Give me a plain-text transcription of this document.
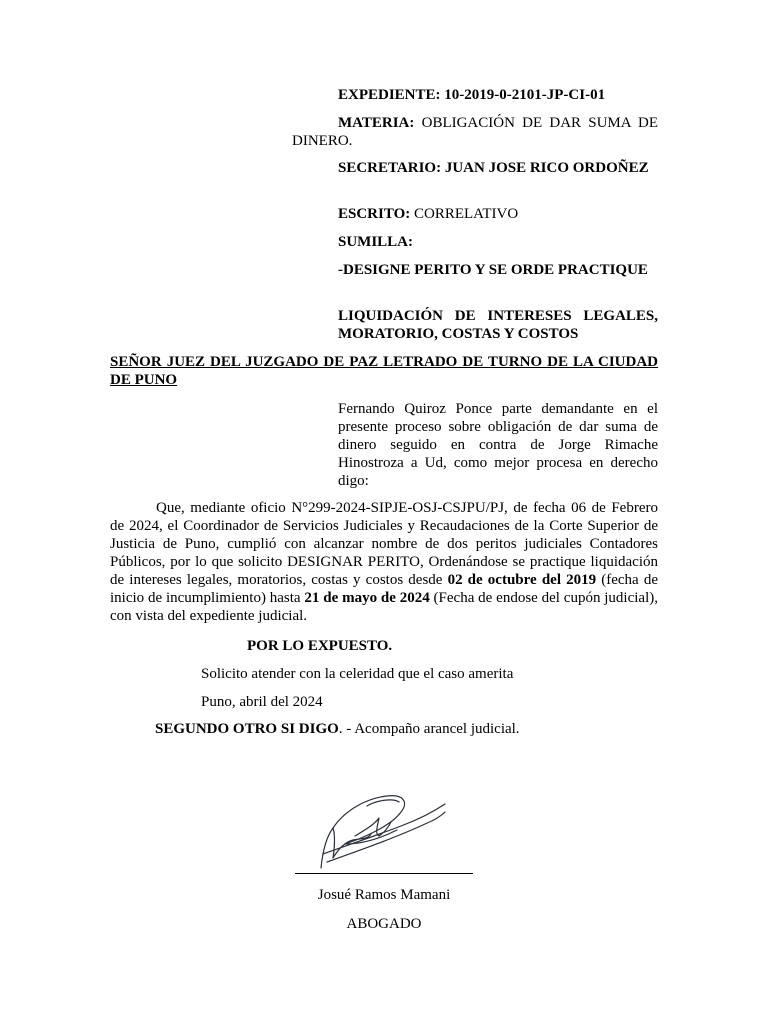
EXPEDIENTE: 10-2019-0-2101-JP-CI-01

MATERIA: OBLIGACIÓN DE DAR SUMA DE DINERO.

SECRETARIO: JUAN JOSE RICO ORDOÑEZ

ESCRITO: CORRELATIVO

SUMILLA:

-DESIGNE PERITO Y SE ORDE PRACTIQUE

LIQUIDACIÓN DE INTERESES LEGALES, MORATORIO, COSTAS Y COSTOS

SEÑOR JUEZ DEL JUZGADO DE PAZ LETRADO DE TURNO DE LA CIUDAD DE PUNO
Fernando Quiroz Ponce parte demandante en el presente proceso sobre obligación de dar suma de dinero seguido en contra de Jorge Rimache Hinostroza a Ud, como mejor procesa en derecho digo:
Que, mediante oficio N°299-2024-SIPJE-OSJ-CSJPU/PJ, de fecha 06 de Febrero de 2024, el Coordinador de Servicios Judiciales y Recaudaciones de la Corte Superior de Justicia de Puno, cumplió con alcanzar nombre de dos peritos judiciales Contadores Públicos, por lo que solicito DESIGNAR PERITO, Ordenándose se practique liquidación de intereses legales, moratorios, costas y costos desde 02 de octubre del 2019 (fecha de inicio de incumplimiento) hasta 21 de mayo de 2024 (Fecha de endose del cupón judicial), con vista del expediente judicial.
POR LO EXPUESTO.
Solicito atender con la celeridad que el caso amerita
Puno, abril del 2024
SEGUNDO OTRO SI DIGO. - Acompaño arancel judicial.
Josué Ramos Mamani
ABOGADO
